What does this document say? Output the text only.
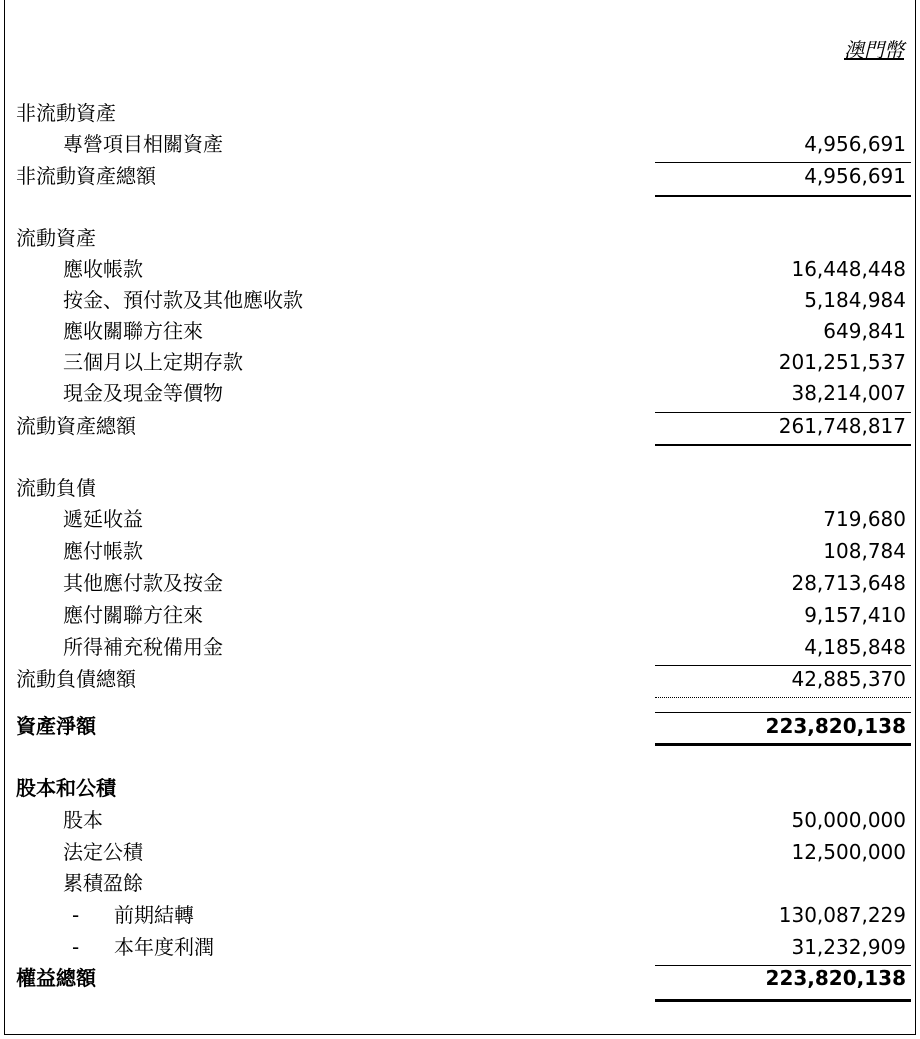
澳門幣
非流動資產
專營項目相關資產	4,956,691
非流動資產總額	4,956,691
流動資產
應收帳款	16,448,448
按金、預付款及其他應收款	5,184,984
應收關聯方往來	649,841
三個月以上定期存款	201,251,537
現金及現金等價物	38,214,007
流動資產總額	261,748,817
流動負債
遞延收益	719,680
應付帳款	108,784
其他應付款及按金	28,713,648
應付關聯方往來	9,157,410
所得補充稅備用金	4,185,848
流動負債總額	42,885,370
資產淨額	223,820,138
股本和公積
股本	50,000,000
法定公積	12,500,000
累積盈餘
- 前期結轉	130,087,229
- 本年度利潤	31,232,909
權益總額	223,820,138
